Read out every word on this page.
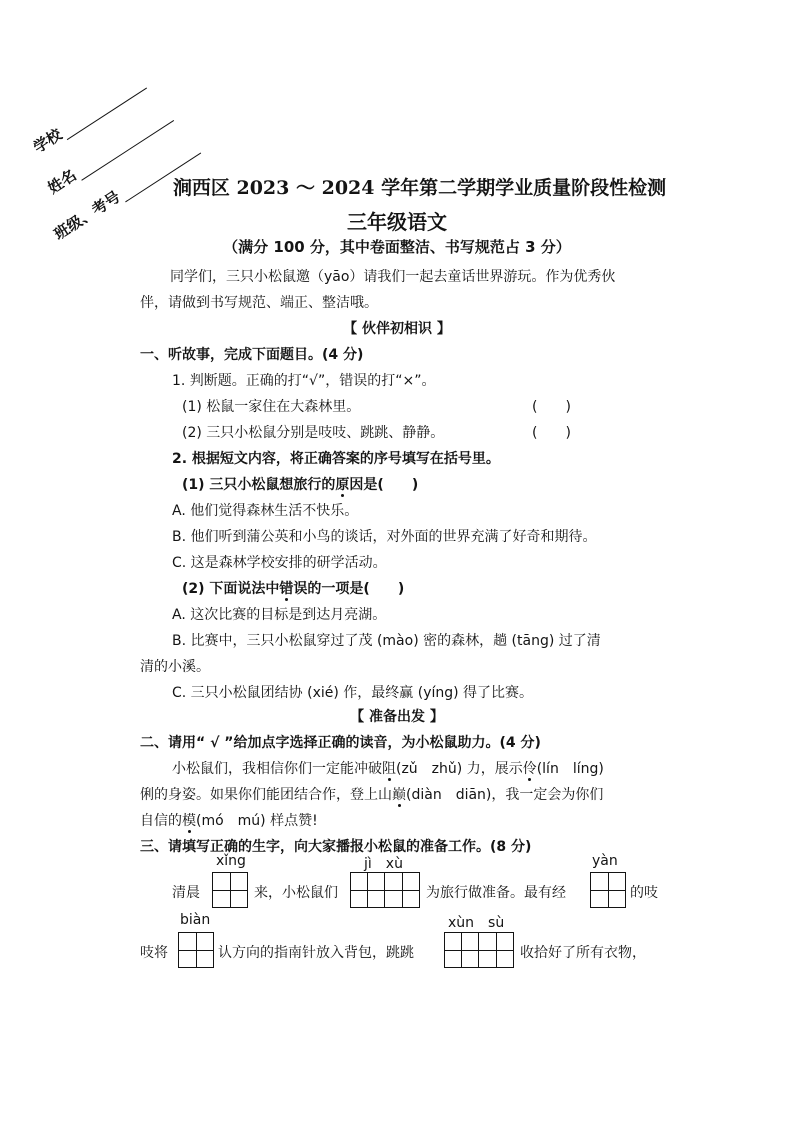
学校
姓名
班级、考号	涧西区 2023 ～ 2024 学年第二学期学业质量阶段性检测
三年级语文
（满分 100 分，其中卷面整洁、书写规范占 3 分）
同学们，三只小松鼠邀（yāo）请我们一起去童话世界游玩。作为优秀伙
伴，请做到书写规范、端正、整洁哦。
【 伙伴初相识 】
一、听故事，完成下面题目。(4 分)
1. 判断题。正确的打“√”，错误的打“×”。
(1) 松鼠一家住在大森林里。	(　　)
(2) 三只小松鼠分别是吱吱、跳跳、静静。	(　　)
2. 根据短文内容，将正确答案的序号填写在括号里。
(1) 三只小松鼠想旅行的原因是(　　)
A. 他们觉得森林生活不快乐。
B. 他们听到蒲公英和小鸟的谈话，对外面的世界充满了好奇和期待。
C. 这是森林学校安排的研学活动。
(2) 下面说法中错误的一项是(　　)
A. 这次比赛的目标是到达月亮湖。
B. 比赛中，三只小松鼠穿过了茂 (mào) 密的森林，趟 (tāng) 过了清
清的小溪。
C. 三只小松鼠团结协 (xié) 作，最终赢 (yíng) 得了比赛。
【 准备出发 】
二、请用“ √ ”给加点字选择正确的读音，为小松鼠助力。(4 分)
小松鼠们，我相信你们一定能冲破阻(zǔ　zhǔ) 力，展示伶(lín　líng)
俐的身姿。如果你们能团结合作，登上山巅(diàn　diān)，我一定会为你们
自信的模(mó　mú) 样点赞!
三、请填写正确的生字，向大家播报小松鼠的准备工作。(8 分)
xǐng	jì　xù	yàn
清晨	来，小松鼠们	为旅行做准备。最有经	的吱
biàn	xùn　sù
吱将	认方向的指南针放入背包，跳跳	收拾好了所有衣物，
